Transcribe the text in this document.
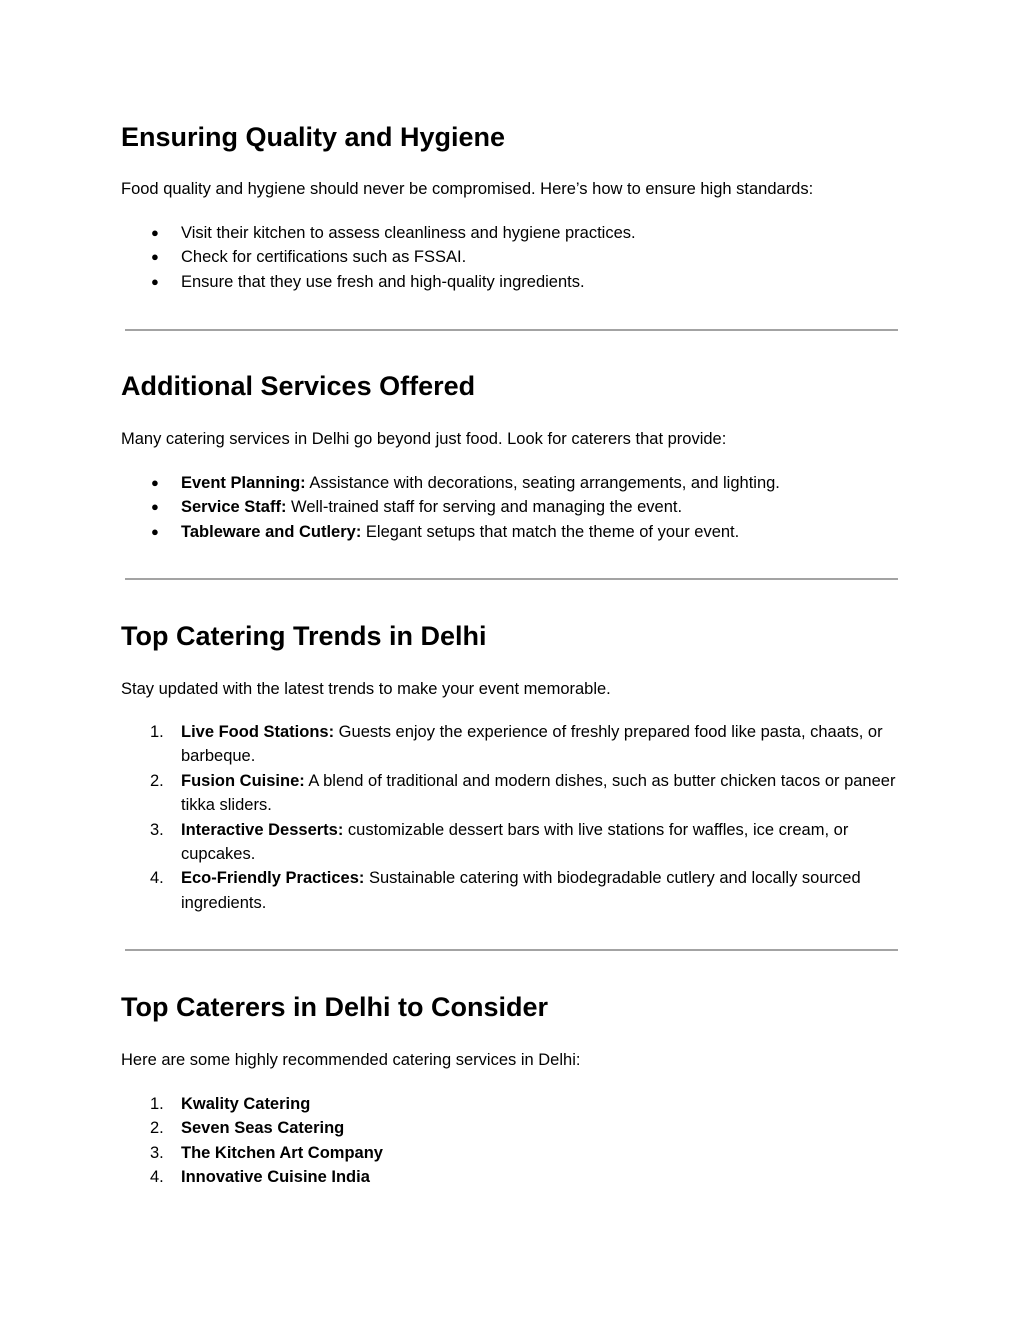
Ensuring Quality and Hygiene

Food quality and hygiene should never be compromised. Here’s how to ensure high standards:

●	Visit their kitchen to assess cleanliness and hygiene practices.
●	Check for certifications such as FSSAI.
●	Ensure that they use fresh and high-quality ingredients.
Additional Services Offered

Many catering services in Delhi go beyond just food. Look for caterers that provide:

●	Event Planning: Assistance with decorations, seating arrangements, and lighting.
●	Service Staff: Well-trained staff for serving and managing the event.
●	Tableware and Cutlery: Elegant setups that match the theme of your event.
Top Catering Trends in Delhi

Stay updated with the latest trends to make your event memorable.

1.	Live Food Stations: Guests enjoy the experience of freshly prepared food like pasta, chaats, or barbeque.
2.	Fusion Cuisine: A blend of traditional and modern dishes, such as butter chicken tacos or paneer tikka sliders.
3.	Interactive Desserts: customizable dessert bars with live stations for waffles, ice cream, or cupcakes.
4.	Eco-Friendly Practices: Sustainable catering with biodegradable cutlery and locally sourced ingredients.
Top Caterers in Delhi to Consider

Here are some highly recommended catering services in Delhi:

1.	Kwality Catering
2.	Seven Seas Catering
3.	The Kitchen Art Company
4.	Innovative Cuisine India
